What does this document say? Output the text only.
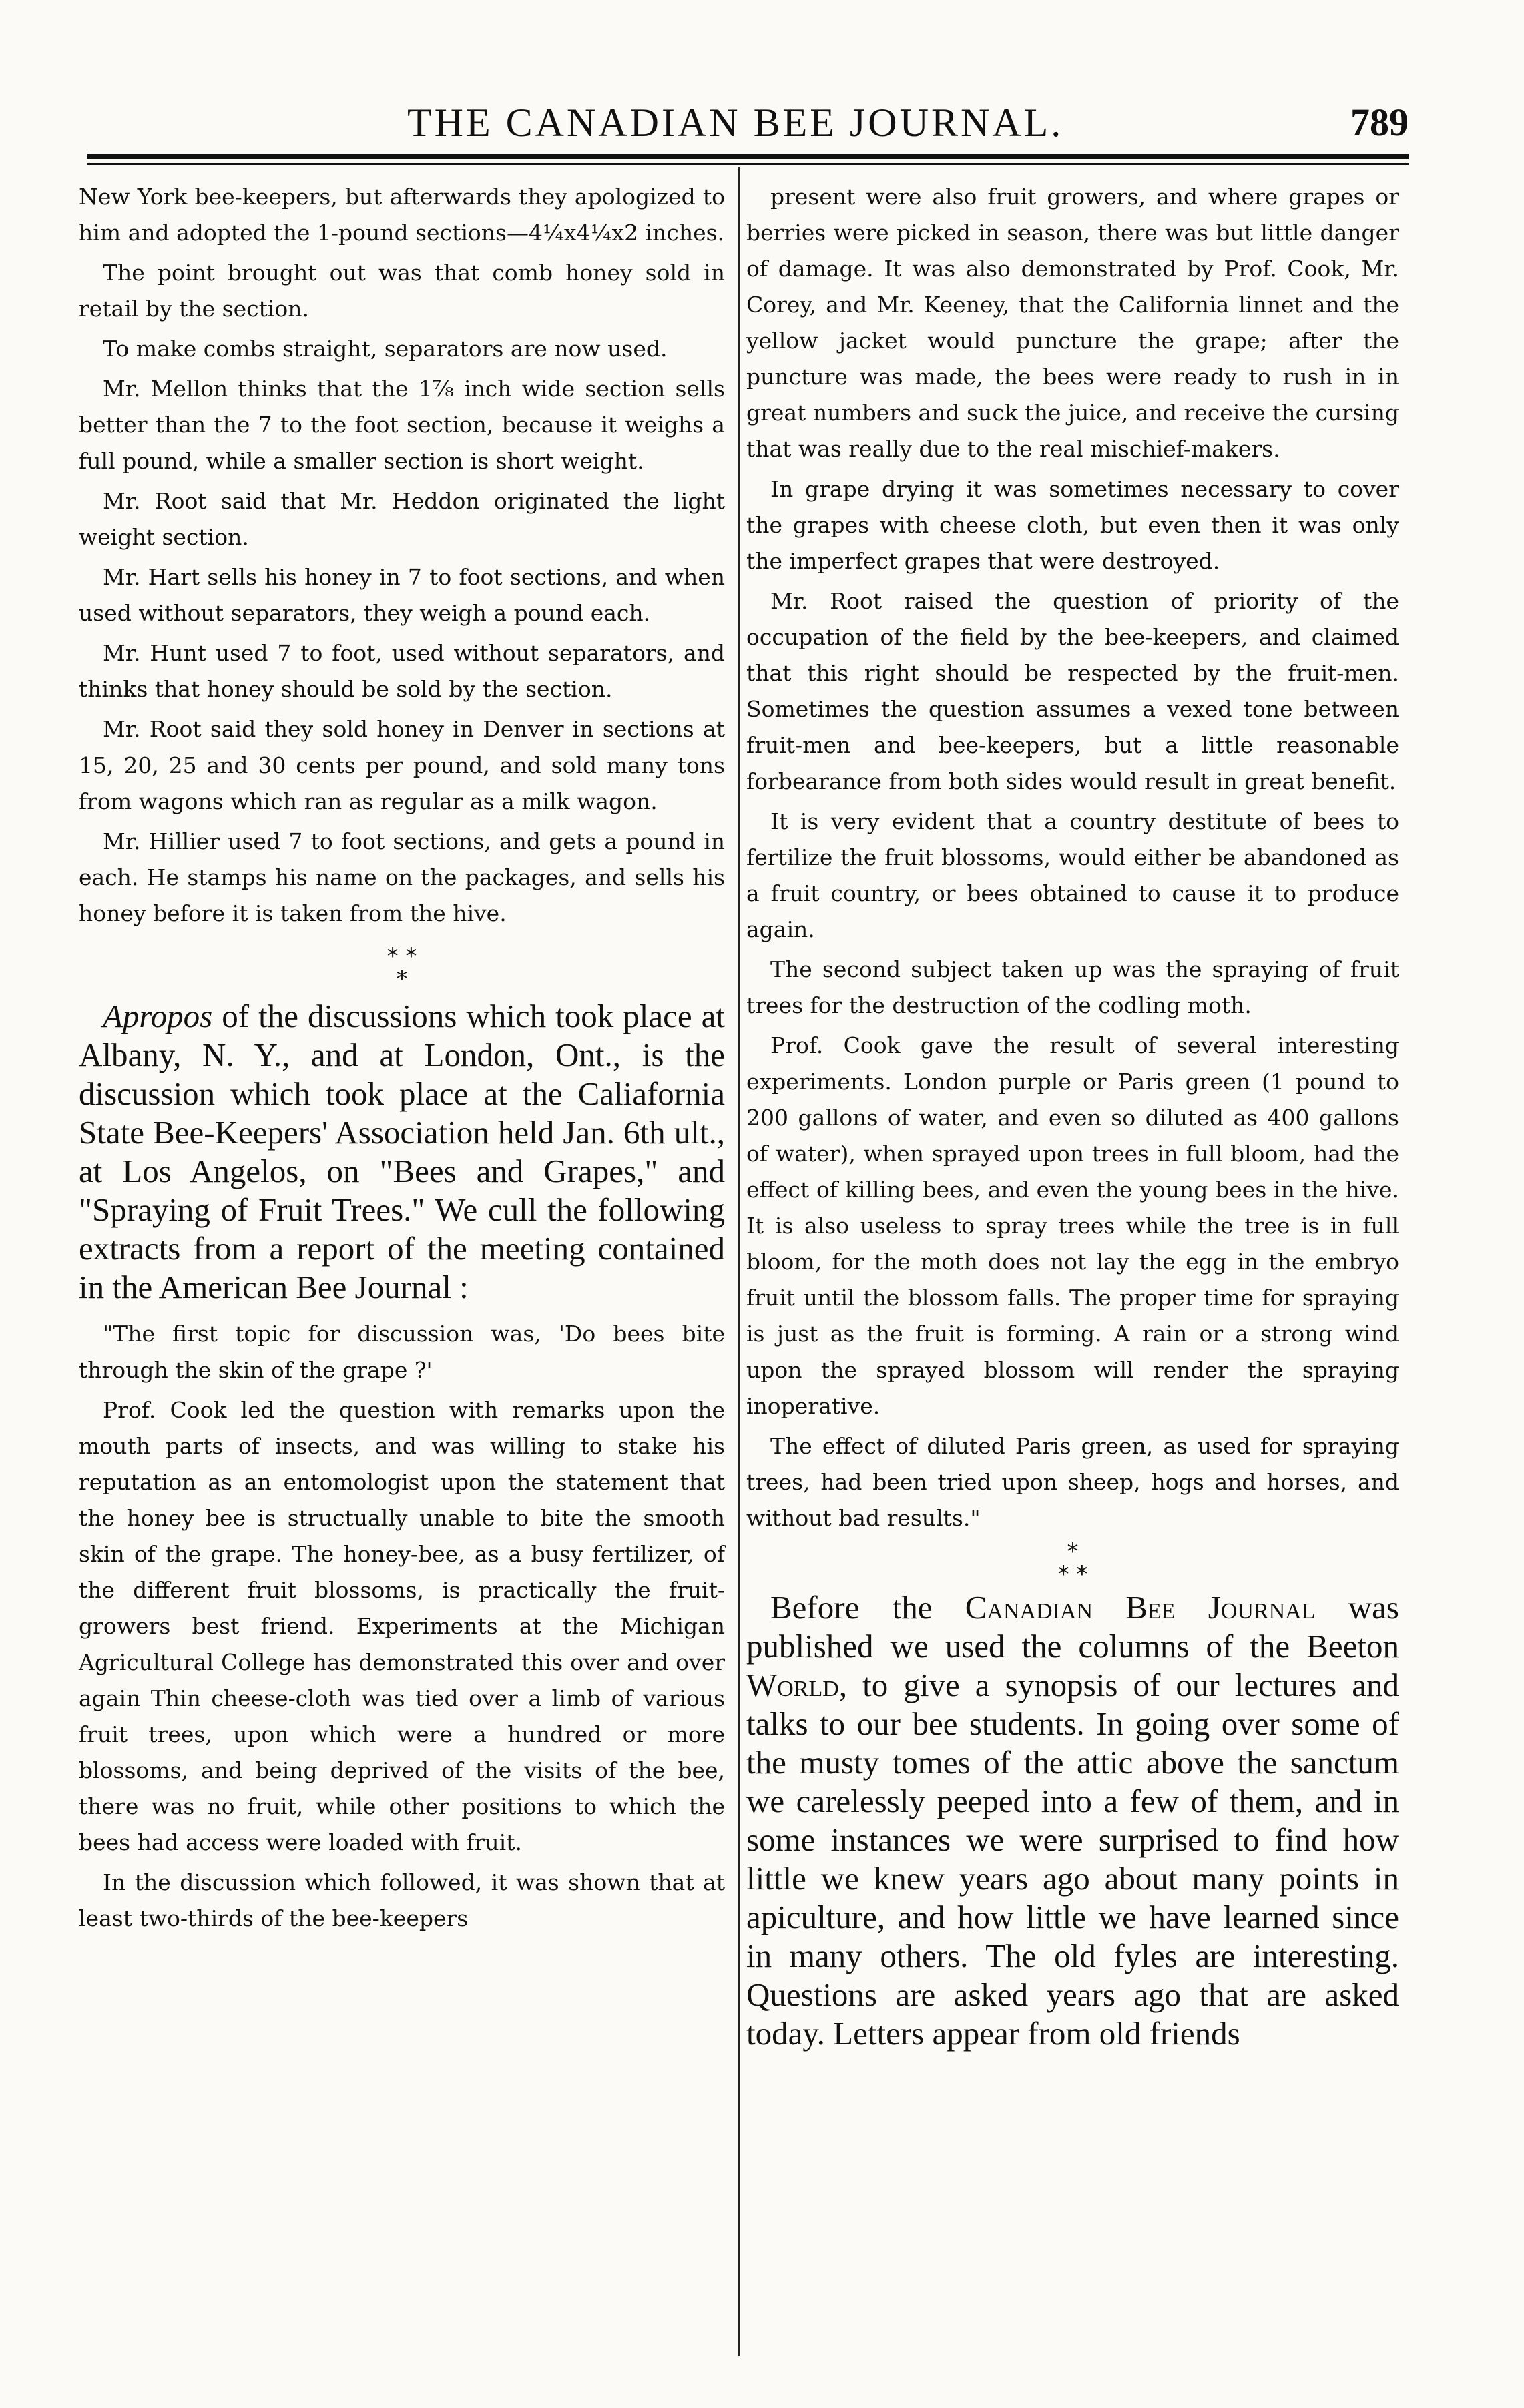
THE CANADIAN BEE JOURNAL.	789

New York bee-keepers, but afterwards they apologized to him and adopted the 1-pound sections—4¼x4¼x2 inches.

The point brought out was that comb honey sold in retail by the section.

To make combs straight, separators are now used.

Mr. Mellon thinks that the 1⅞ inch wide section sells better than the 7 to the foot section, because it weighs a full pound, while a smaller section is short weight.

Mr. Root said that Mr. Heddon originated the light weight section.

Mr. Hart sells his honey in 7 to foot sections, and when used without separators, they weigh a pound each.

Mr. Hunt used 7 to foot, used without separators, and thinks that honey should be sold by the section.

Mr. Root said they sold honey in Denver in sections at 15, 20, 25 and 30 cents per pound, and sold many tons from wagons which ran as regular as a milk wagon.

Mr. Hillier used 7 to foot sections, and gets a pound in each. He stamps his name on the packages, and sells his honey before it is taken from the hive.

* *
*

Apropos of the discussions which took place at Albany, N. Y., and at London, Ont., is the discussion which took place at the Caliafornia State Bee-Keepers' Association held Jan. 6th ult., at Los Angelos, on "Bees and Grapes," and "Spraying of Fruit Trees." We cull the following extracts from a report of the meeting contained in the American Bee Journal :

"The first topic for discussion was, 'Do bees bite through the skin of the grape ?'

Prof. Cook led the question with remarks upon the mouth parts of insects, and was willing to stake his reputation as an entomologist upon the statement that the honey bee is structually unable to bite the smooth skin of the grape. The honey-bee, as a busy fertilizer, of the different fruit blossoms, is practically the fruit-growers best friend. Experiments at the Michigan Agricultural College has demonstrated this over and over again Thin cheese-cloth was tied over a limb of various fruit trees, upon which were a hundred or more blossoms, and being deprived of the visits of the bee, there was no fruit, while other positions to which the bees had access were loaded with fruit.

In the discussion which followed, it was shown that at least two-thirds of the bee-keepers

present were also fruit growers, and where grapes or berries were picked in season, there was but little danger of damage. It was also demonstrated by Prof. Cook, Mr. Corey, and Mr. Keeney, that the California linnet and the yellow jacket would puncture the grape; after the puncture was made, the bees were ready to rush in in great numbers and suck the juice, and receive the cursing that was really due to the real mischief-makers.

In grape drying it was sometimes necessary to cover the grapes with cheese cloth, but even then it was only the imperfect grapes that were destroyed.

Mr. Root raised the question of priority of the occupation of the field by the bee-keepers, and claimed that this right should be respected by the fruit-men. Sometimes the question assumes a vexed tone between fruit-men and bee-keepers, but a little reasonable forbearance from both sides would result in great benefit.

It is very evident that a country destitute of bees to fertilize the fruit blossoms, would either be abandoned as a fruit country, or bees obtained to cause it to produce again.

The second subject taken up was the spraying of fruit trees for the destruction of the codling moth.

Prof. Cook gave the result of several interesting experiments. London purple or Paris green (1 pound to 200 gallons of water, and even so diluted as 400 gallons of water), when sprayed upon trees in full bloom, had the effect of killing bees, and even the young bees in the hive. It is also useless to spray trees while the tree is in full bloom, for the moth does not lay the egg in the embryo fruit until the blossom falls. The proper time for spraying is just as the fruit is forming. A rain or a strong wind upon the sprayed blossom will render the spraying inoperative.

The effect of diluted Paris green, as used for spraying trees, had been tried upon sheep, hogs and horses, and without bad results."

*
* *

Before the Canadian Bee Journal was published we used the columns of the Beeton World, to give a synopsis of our lectures and talks to our bee students. In going over some of the musty tomes of the attic above the sanctum we carelessly peeped into a few of them, and in some instances we were surprised to find how little we knew years ago about many points in apiculture, and how little we have learned since in many others. The old fyles are interesting. Questions are asked years ago that are asked today. Letters appear from old friends
